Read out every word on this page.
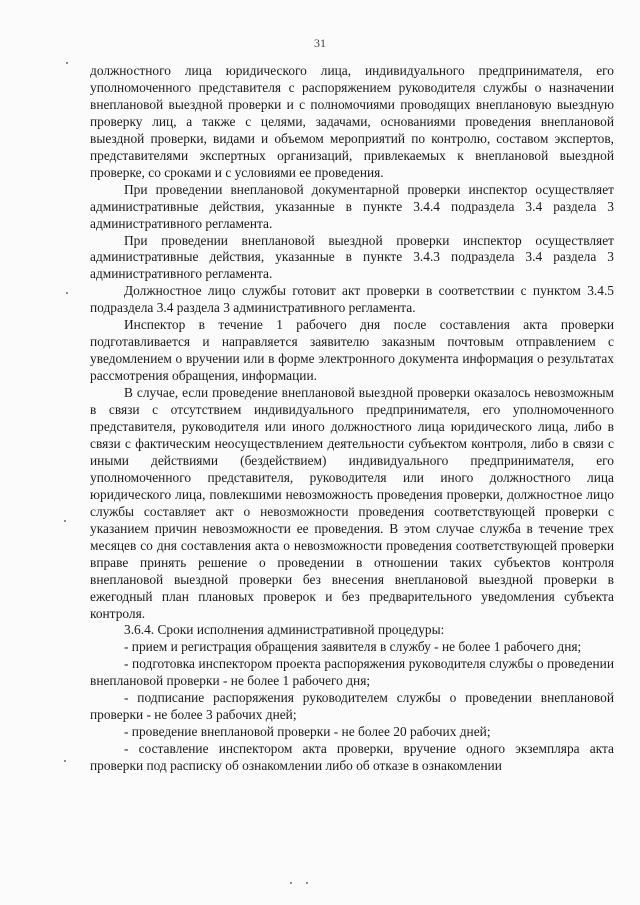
31

должностного лица юридического лица, индивидуального предпринимателя, его уполномоченного представителя с распоряжением руководителя службы о назначении внеплановой выездной проверки и с полномочиями проводящих внеплановую выездную проверку лиц, а также с целями, задачами, основаниями проведения внеплановой выездной проверки, видами и объемом мероприятий по контролю, составом экспертов, представителями экспертных организаций, привлекаемых к внеплановой выездной проверке, со сроками и с условиями ее проведения.

При проведении внеплановой документарной проверки инспектор осуществляет административные действия, указанные в пункте 3.4.4 подраздела 3.4 раздела 3 административного регламента.

При проведении внеплановой выездной проверки инспектор осуществляет административные действия, указанные в пункте 3.4.3 подраздела 3.4 раздела 3 административного регламента.

Должностное лицо службы готовит акт проверки в соответствии с пунктом 3.4.5 подраздела 3.4 раздела 3 административного регламента.

Инспектор в течение 1 рабочего дня после составления акта проверки подготавливается и направляется заявителю заказным почтовым отправлением с уведомлением о вручении или в форме электронного документа информация о результатах рассмотрения обращения, информации.

В случае, если проведение внеплановой выездной проверки оказалось невозможным в связи с отсутствием индивидуального предпринимателя, его уполномоченного представителя, руководителя или иного должностного лица юридического лица, либо в связи с фактическим неосуществлением деятельности субъектом контроля, либо в связи с иными действиями (бездействием) индивидуального предпринимателя, его уполномоченного представителя, руководителя или иного должностного лица юридического лица, повлекшими невозможность проведения проверки, должностное лицо службы составляет акт о невозможности проведения соответствующей проверки с указанием причин невозможности ее проведения. В этом случае служба в течение трех месяцев со дня составления акта о невозможности проведения соответствующей проверки вправе принять решение о проведении в отношении таких субъектов контроля внеплановой выездной проверки без внесения внеплановой выездной проверки в ежегодный план плановых проверок и без предварительного уведомления субъекта контроля.

3.6.4. Сроки исполнения административной процедуры:

- прием и регистрация обращения заявителя в службу - не более 1 рабочего дня;

- подготовка инспектором проекта распоряжения руководителя службы о проведении внеплановой проверки - не более 1 рабочего дня;

- подписание распоряжения руководителем службы о проведении внеплановой проверки - не более 3 рабочих дней;

- проведение внеплановой проверки - не более 20 рабочих дней;

- составление инспектором акта проверки, вручение одного экземпляра акта проверки под расписку об ознакомлении либо об отказе в ознакомлении
